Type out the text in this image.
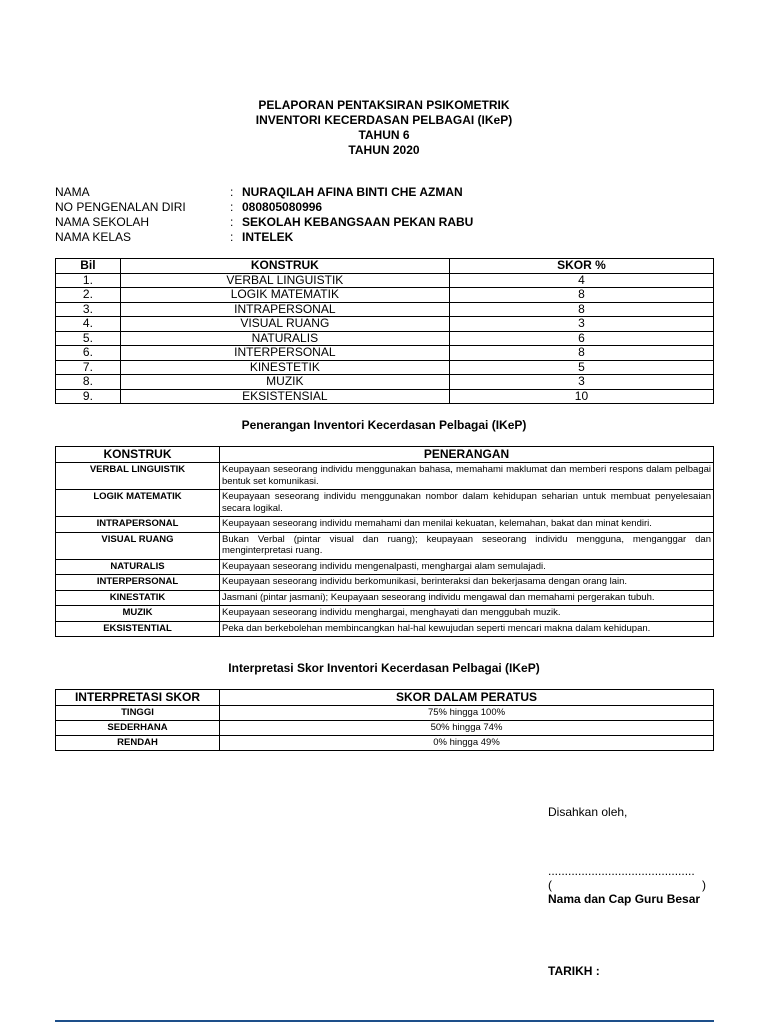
PELAPORAN PENTAKSIRAN PSIKOMETRIK
INVENTORI KECERDASAN PELBAGAI (IKeP)
TAHUN 6
TAHUN 2020
NAMA	: NURAQILAH AFINA BINTI CHE AZMAN
NO PENGENALAN DIRI	: 080805080996
NAMA SEKOLAH	: SEKOLAH KEBANGSAAN PEKAN RABU
NAMA KELAS	: INTELEK
Bil	KONSTRUK	SKOR %
1.	VERBAL LINGUISTIK	4
2.	LOGIK MATEMATIK	8
3.	INTRAPERSONAL	8
4.	VISUAL RUANG	3
5.	NATURALIS	6
6.	INTERPERSONAL	8
7.	KINESTETIK	5
8.	MUZIK	3
9.	EKSISTENSIAL	10
Penerangan Inventori Kecerdasan Pelbagai (IKeP)
KONSTRUK	PENERANGAN
VERBAL LINGUISTIK	Keupayaan seseorang individu menggunakan bahasa, memahami maklumat dan memberi respons dalam pelbagai bentuk set komunikasi.
LOGIK MATEMATIK	Keupayaan seseorang individu menggunakan nombor dalam kehidupan seharian untuk membuat penyelesaian secara logikal.
INTRAPERSONAL	Keupayaan seseorang individu memahami dan menilai kekuatan, kelemahan, bakat dan minat kendiri.
VISUAL RUANG	Bukan Verbal (pintar visual dan ruang); keupayaan seseorang individu mengguna, menganggar dan menginterpretasi ruang.
NATURALIS	Keupayaan seseorang individu mengenalpasti, menghargai alam semulajadi.
INTERPERSONAL	Keupayaan seseorang individu berkomunikasi, berinteraksi dan bekerjasama dengan orang lain.
KINESTATIK	Jasmani (pintar jasmani); Keupayaan seseorang individu mengawal dan memahami pergerakan tubuh.
MUZIK	Keupayaan seseorang individu menghargai, menghayati dan menggubah muzik.
EKSISTENTIAL	Peka dan berkebolehan membincangkan hal-hal kewujudan seperti mencari makna dalam kehidupan.
Interpretasi Skor Inventori Kecerdasan Pelbagai (IKeP)
INTERPRETASI SKOR	SKOR DALAM PERATUS
TINGGI	75% hingga 100%
SEDERHANA	50% hingga 74%
RENDAH	0% hingga 49%
Disahkan oleh,
............................................
(	)
Nama dan Cap Guru Besar
TARIKH :
